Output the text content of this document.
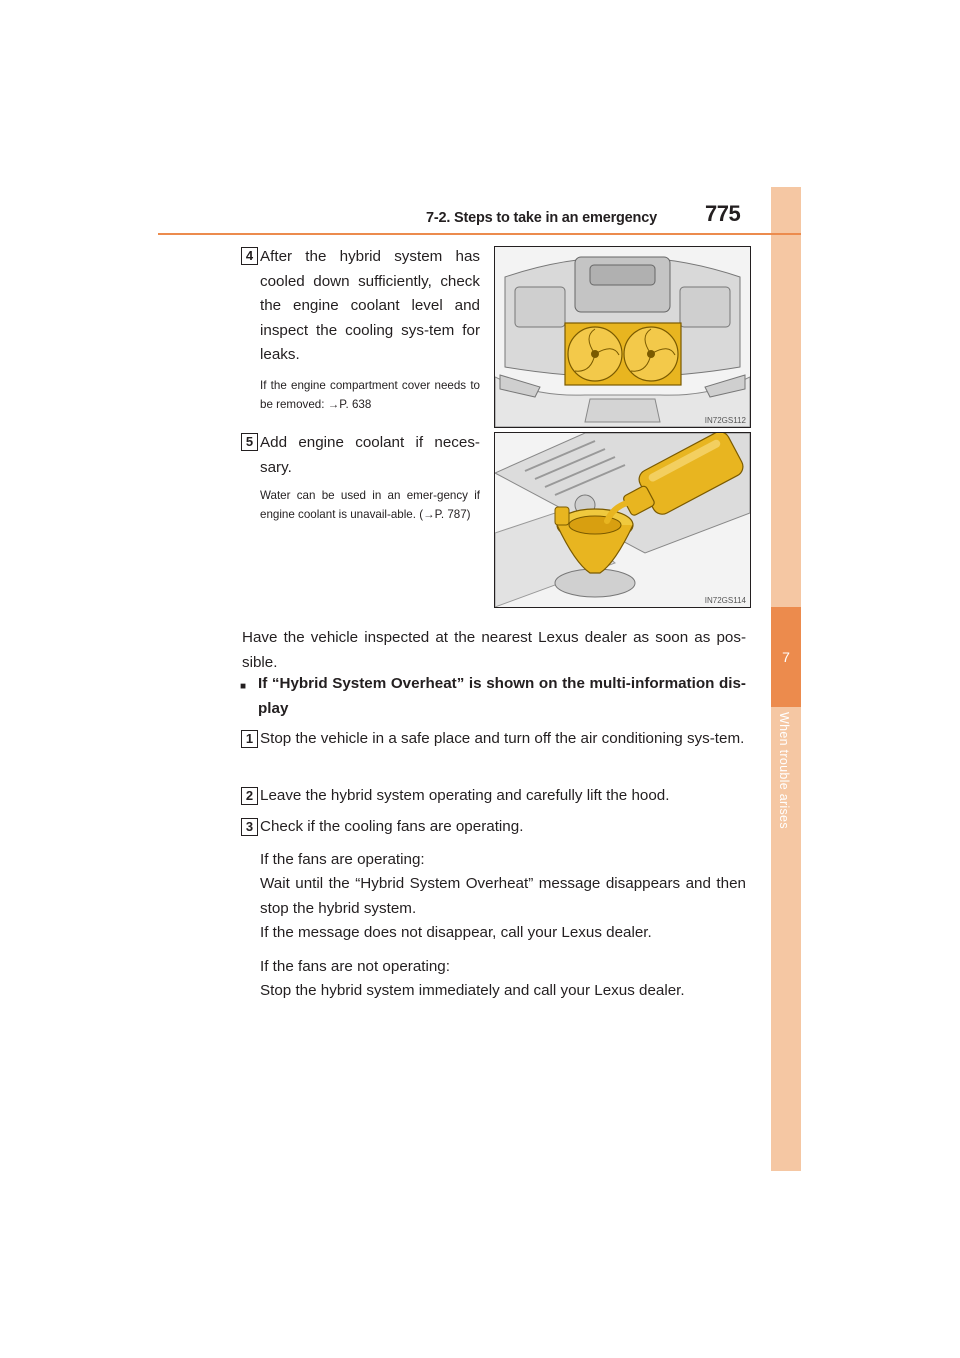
7
When trouble arises
7-2. Steps to take in an emergency 775
4 After the hybrid system has cooled down sufficiently, check the engine coolant level and inspect the cooling sys-tem for leaks.
If the engine compartment cover needs to be removed: →P. 638
IN72GS112
5 Add engine coolant if neces-sary.
Water can be used in an emer-gency if engine coolant is unavail-able. (→P. 787)
IN72GS114
Have the vehicle inspected at the nearest Lexus dealer as soon as pos-sible.
■ If “Hybrid System Overheat” is shown on the multi-information dis-play
1 Stop the vehicle in a safe place and turn off the air conditioning sys-tem.
2 Leave the hybrid system operating and carefully lift the hood.
3 Check if the cooling fans are operating.
If the fans are operating:
Wait until the “Hybrid System Overheat” message disappears and then stop the hybrid system.
If the message does not disappear, call your Lexus dealer.
If the fans are not operating:
Stop the hybrid system immediately and call your Lexus dealer.
